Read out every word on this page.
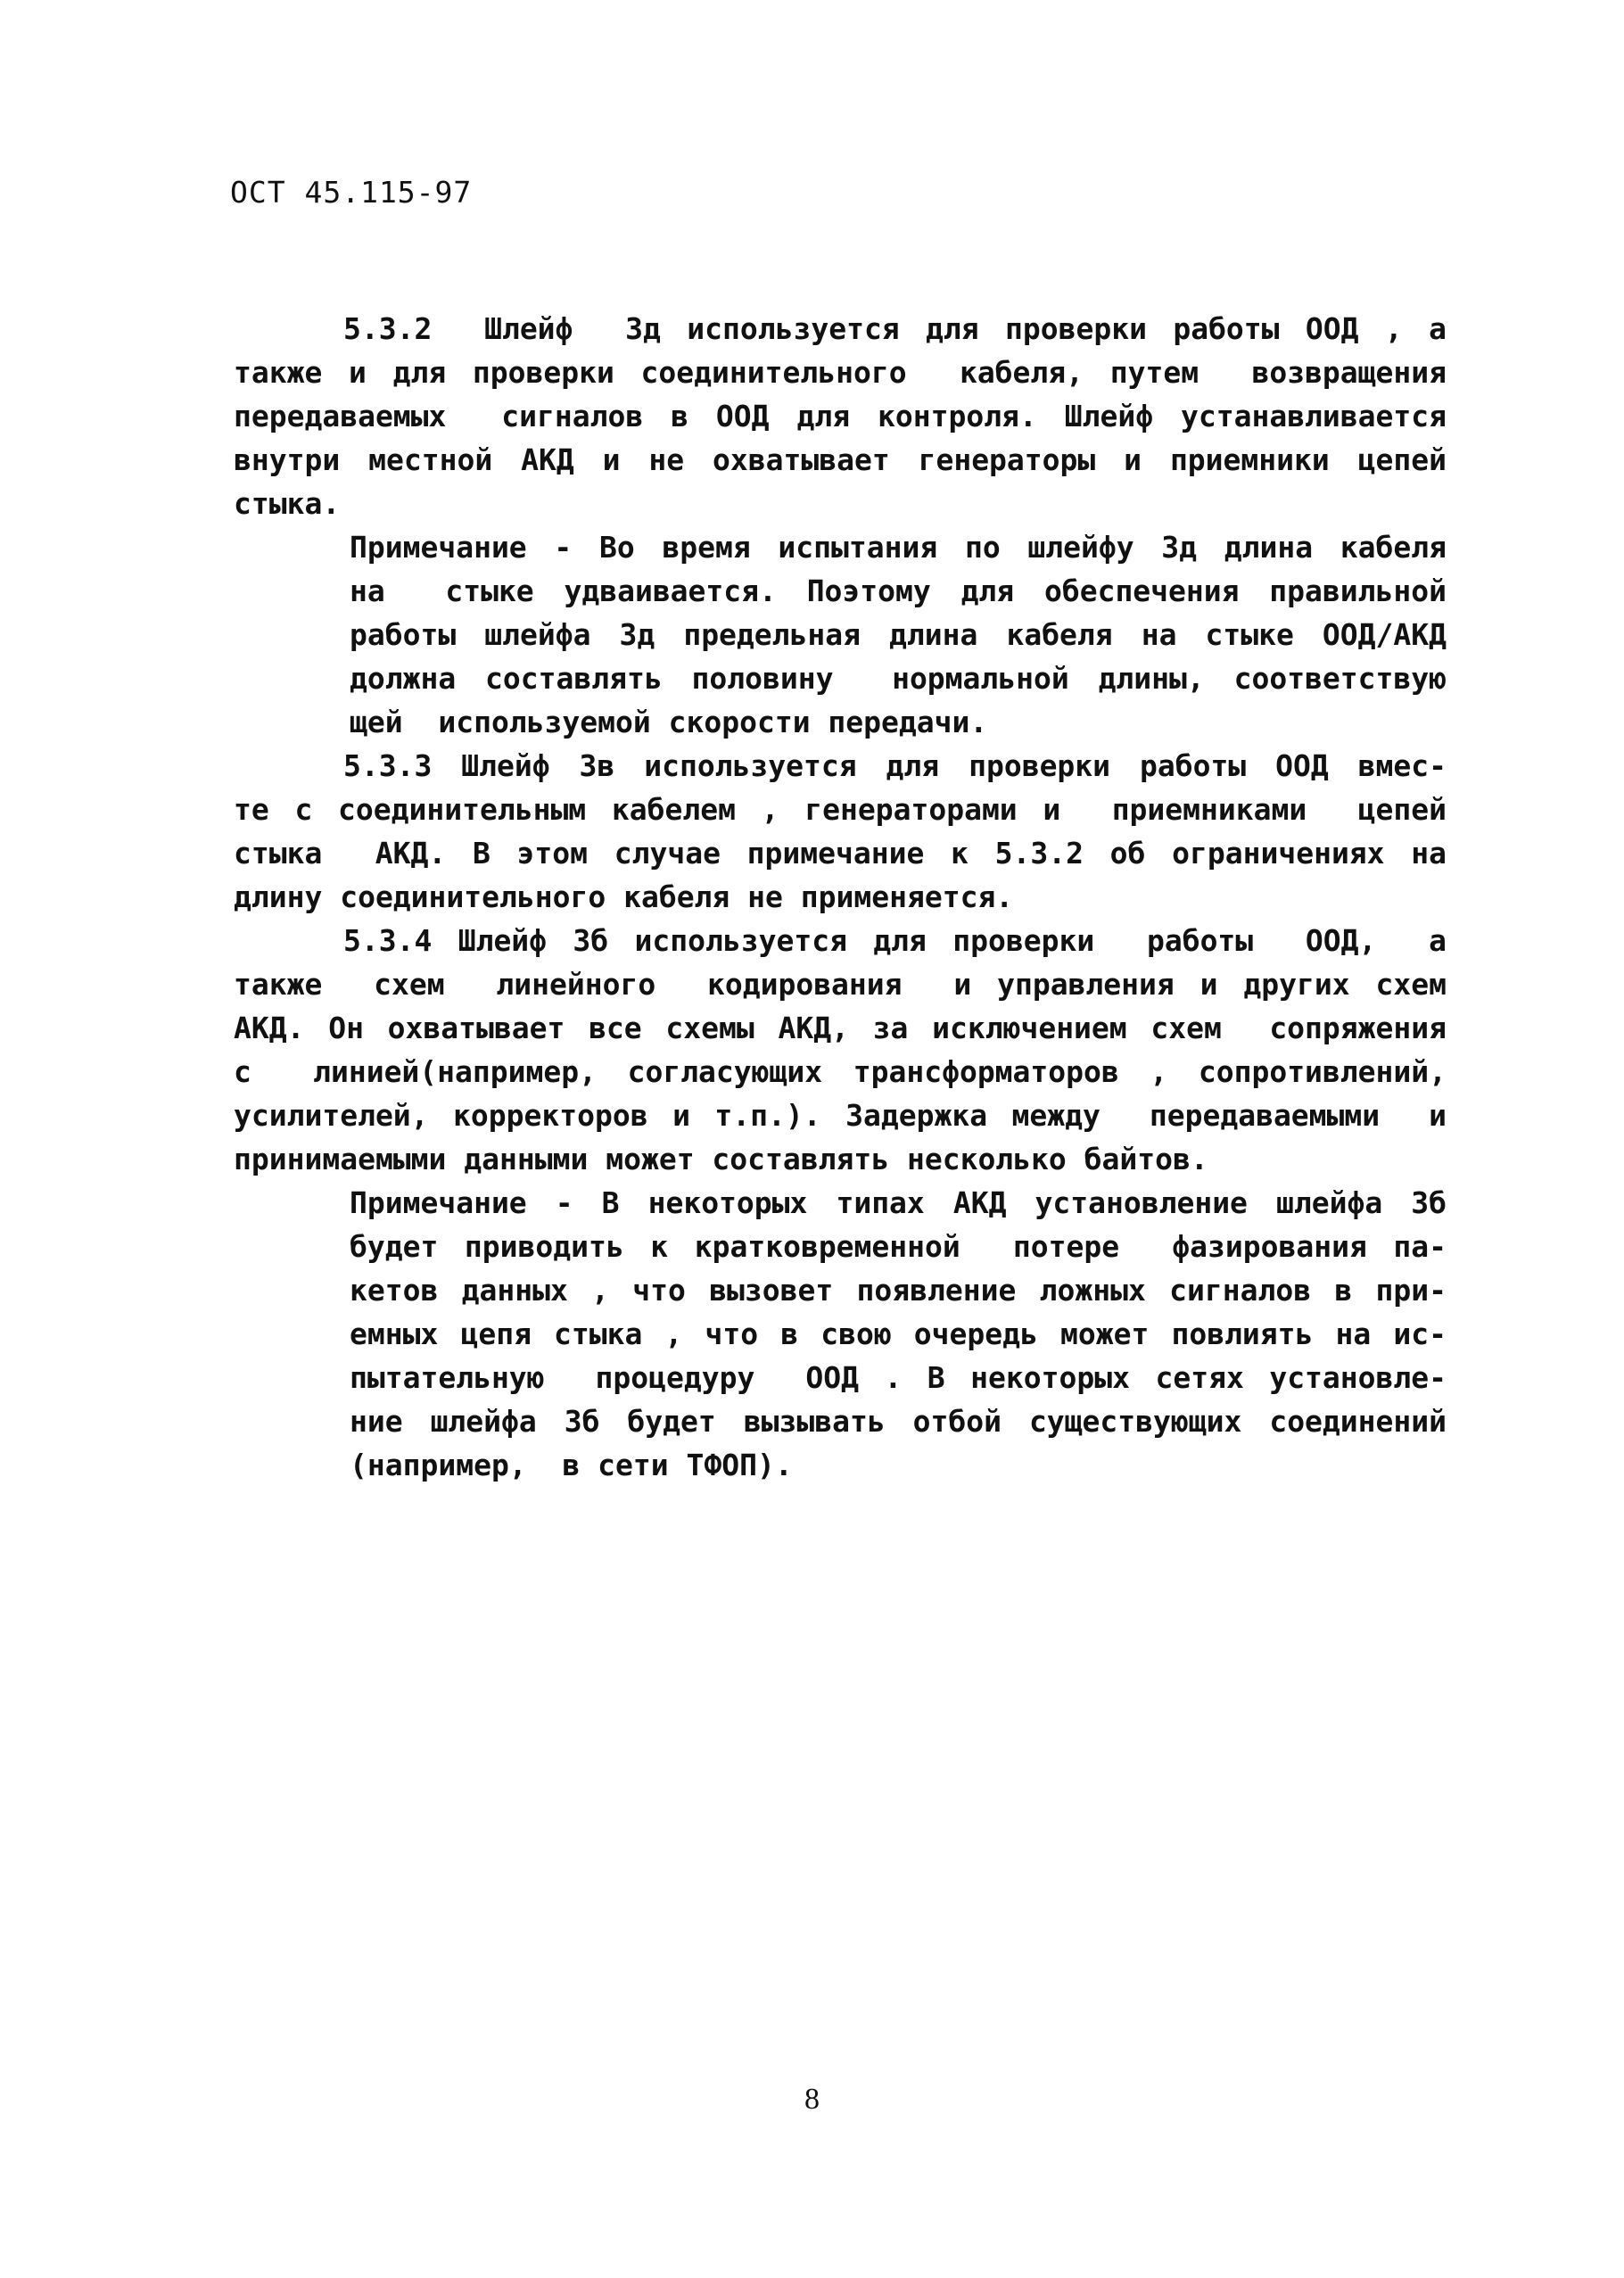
ОСТ 45.115-97
5.3.2  Шлейф  3д используется для проверки работы ООД , а
также и для проверки соединительного  кабеля, путем  возвращения
передаваемых  сигналов в ООД для контроля. Шлейф устанавливается
внутри местной АКД и не охватывает генераторы и приемники цепей
стыка.
Примечание - Во время испытания по шлейфу 3д длина кабеля
на  стыке удваивается. Поэтому для обеспечения правильной
работы шлейфа 3д предельная длина кабеля на стыке ООД/АКД
должна составлять половину  нормальной длины, соответствую
щей  используемой скорости передачи.
5.3.3 Шлейф 3в используется для проверки работы ООД вмес-
те с соединительным кабелем , генераторами и  приемниками  цепей
стыка  АКД. В этом случае примечание к 5.3.2 об ограничениях на
длину соединительного кабеля не применяется.
5.3.4 Шлейф 3б используется для проверки  работы  ООД,  а
также  схем  линейного  кодирования  и управления и других схем
АКД. Он охватывает все схемы АКД, за исключением схем  сопряжения
с  линией(например, согласующих трансформаторов , сопротивлений,
усилителей, корректоров и т.п.). Задержка между  передаваемыми  и
принимаемыми данными может составлять несколько байтов.
Примечание - В некоторых типах АКД установление шлейфа 3б
будет приводить к кратковременной  потере  фазирования па-
кетов данных , что вызовет появление ложных сигналов в при-
емных цепя стыка , что в свою очередь может повлиять на ис-
пытательную  процедуру  ООД . В некоторых сетях установле-
ние шлейфа 3б будет вызывать отбой существующих соединений
(например,  в сети ТФОП).
8
